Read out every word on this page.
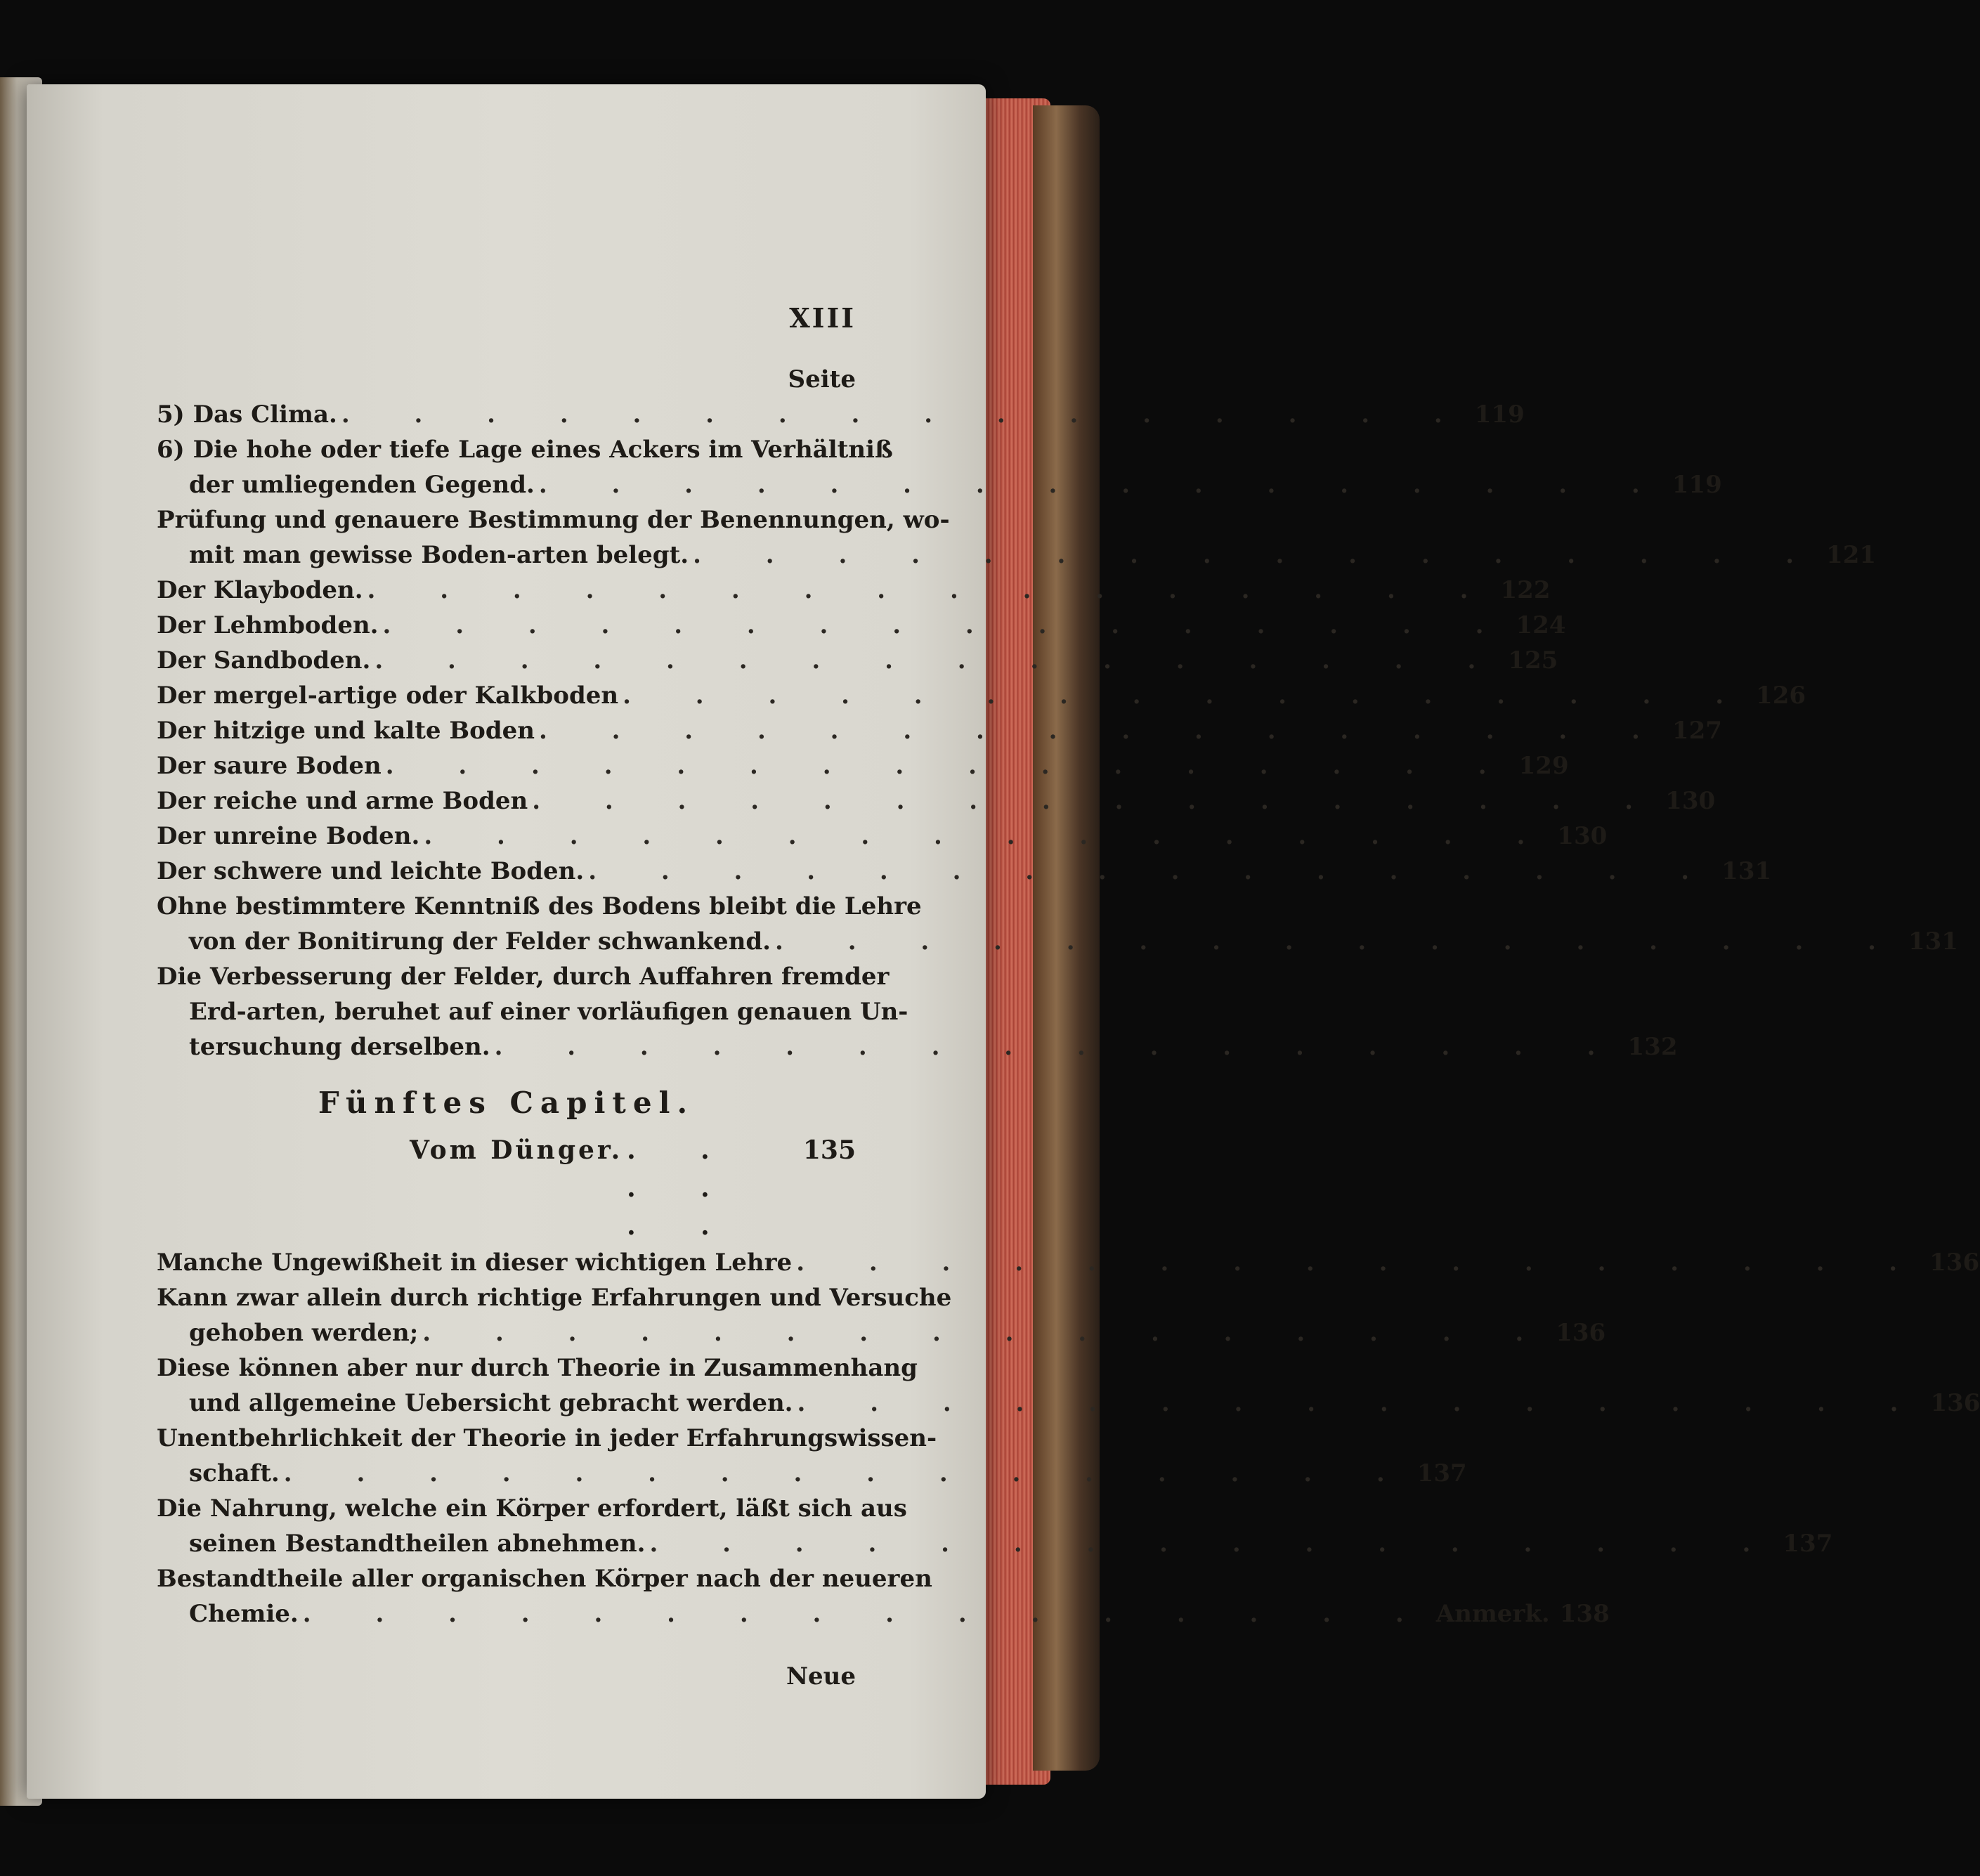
XIII
Seite
5) Das Clima. . . . . . . . . . . . . . . . . 119
6) Die hohe oder tiefe Lage eines Ackers im Verhältniß
der umliegenden Gegend. . . . . . . . . . . . . . . . . 119
Prüfung und genauere Bestimmung der Benennungen, wo-
mit man gewisse Boden-arten belegt. . . . . . . . . . . . . . . . . 121
Der Klayboden. . . . . . . . . . . . . . . . . 122
Der Lehmboden. . . . . . . . . . . . . . . . . 124
Der Sandboden. . . . . . . . . . . . . . . . . 125
Der mergel-artige oder Kalkboden . . . . . . . . . . . . . . . . 126
Der hitzige und kalte Boden . . . . . . . . . . . . . . . . 127
Der saure Boden . . . . . . . . . . . . . . . . 129
Der reiche und arme Boden . . . . . . . . . . . . . . . . 130
Der unreine Boden. . . . . . . . . . . . . . . . . 130
Der schwere und leichte Boden. . . . . . . . . . . . . . . . . 131
Ohne bestimmtere Kenntniß des Bodens bleibt die Lehre
von der Bonitirung der Felder schwankend. . . . . . . . . . . . . . . . . 131
Die Verbesserung der Felder, durch Auffahren fremder
Erd-arten, beruhet auf einer vorläufigen genauen Un-
tersuchung derselben. . . . . . . . . . . . . . . . . 132
Fünftes Capitel.
Vom Dünger. . . . . . .
135
Manche Ungewißheit in dieser wichtigen Lehre . . . . . . . . . . . . . . . . 136
Kann zwar allein durch richtige Erfahrungen und Versuche
gehoben werden; . . . . . . . . . . . . . . . . 136
Diese können aber nur durch Theorie in Zusammenhang
und allgemeine Uebersicht gebracht werden. . . . . . . . . . . . . . . . . 136
Unentbehrlichkeit der Theorie in jeder Erfahrungswissen-
schaft. . . . . . . . . . . . . . . . . 137
Die Nahrung, welche ein Körper erfordert, läßt sich aus
seinen Bestandtheilen abnehmen. . . . . . . . . . . . . . . . . 137
Bestandtheile aller organischen Körper nach der neueren
Chemie. . . . . . . . . . . . . . . . . Anmerk. 138
Neue
